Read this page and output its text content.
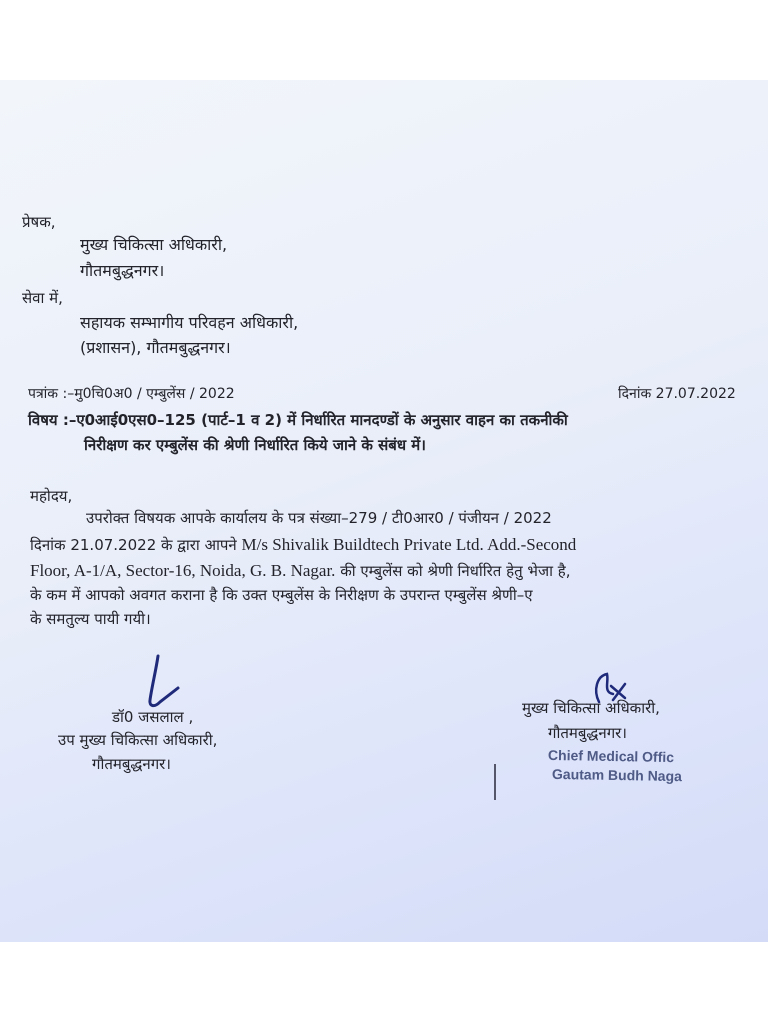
प्रेषक,
मुख्य चिकित्सा अधिकारी,
गौतमबुद्धनगर।
सेवा में,
सहायक सम्भागीय परिवहन अधिकारी,
(प्रशासन), गौतमबुद्धनगर।
पत्रांक :–मु0चि0अ0 / एम्बुलेंस / 2022	दिनांक 27.07.2022
विषय :–ए0आई0एस0–125 (पार्ट–1 व 2) में निर्धारित मानदण्डों के अनुसार वाहन का तकनीकी
निरीक्षण कर एम्बुलेंस की श्रेणी निर्धारित किये जाने के संबंध में।
महोदय,
उपरोक्त विषयक आपके कार्यालय के पत्र संख्या–279 / टी0आर0 / पंजीयन / 2022
दिनांक 21.07.2022 के द्वारा आपने M/s Shivalik Buildtech Private Ltd. Add.-Second
Floor, A-1/A, Sector-16, Noida, G. B. Nagar. की एम्बुलेंस को श्रेणी निर्धारित हेतु भेजा है,
के कम में आपको अवगत कराना है कि उक्त एम्बुलेंस के निरीक्षण के उपरान्त एम्बुलेंस श्रेणी–ए
के समतुल्य पायी गयी।
डॉ0 जसलाल ,
उप मुख्य चिकित्सा अधिकारी,
गौतमबुद्धनगर।
मुख्य चिकित्सा अधिकारी,
गौतमबुद्धनगर।
Chief Medical Offic
Gautam Budh Naga
